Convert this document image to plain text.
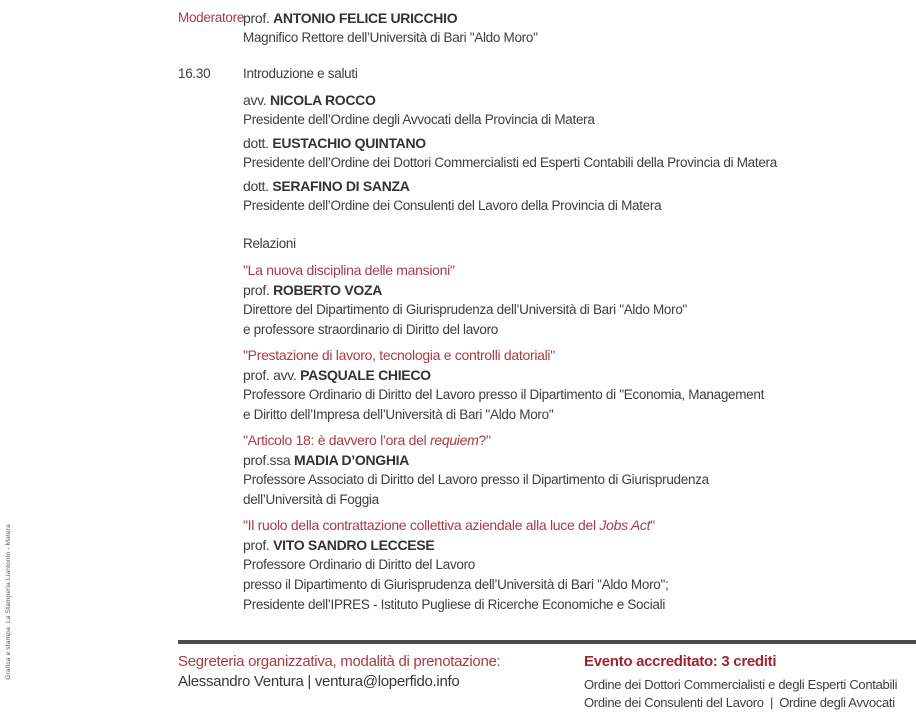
Grafica e stampa: La Stamperia Liantonio - Matera
Moderatore
prof. ANTONIO FELICE URICCHIO
Magnifico Rettore dell’Università di Bari "Aldo Moro"
16.30	Introduzione e saluti
avv. NICOLA ROCCO
Presidente dell’Ordine degli Avvocati della Provincia di Matera
dott. EUSTACHIO QUINTANO
Presidente dell’Ordine dei Dottori Commercialisti ed Esperti Contabili della Provincia di Matera
dott. SERAFINO DI SANZA
Presidente dell’Ordine dei Consulenti del Lavoro della Provincia di Matera
Relazioni
"La nuova disciplina delle mansioni"
prof. ROBERTO VOZA
Direttore del Dipartimento di Giurisprudenza dell’Università di Bari "Aldo Moro"
e professore straordinario di Diritto del lavoro
"Prestazione di lavoro, tecnologia e controlli datoriali"
prof. avv. PASQUALE CHIECO
Professore Ordinario di Diritto del Lavoro presso il Dipartimento di "Economia, Management
e Diritto dell’Impresa dell’Università di Bari "Aldo Moro"
"Articolo 18: è davvero l’ora del requiem?"
prof.ssa MADIA D’ONGHIA
Professore Associato di Diritto del Lavoro presso il Dipartimento di Giurisprudenza
dell’Università di Foggia
"Il ruolo della contrattazione collettiva aziendale alla luce del Jobs Act"
prof. VITO SANDRO LECCESE
Professore Ordinario di Diritto del Lavoro
presso il Dipartimento di Giurisprudenza dell’Università di Bari "Aldo Moro";
Presidente dell’IPRES - Istituto Pugliese di Ricerche Economiche e Sociali
Segreteria organizzativa, modalità di prenotazione:
Alessandro Ventura | ventura@loperfido.info
Evento accreditato: 3 crediti
Ordine dei Dottori Commercialisti e degli Esperti Contabili
Ordine dei Consulenti del Lavoro | Ordine degli Avvocati
